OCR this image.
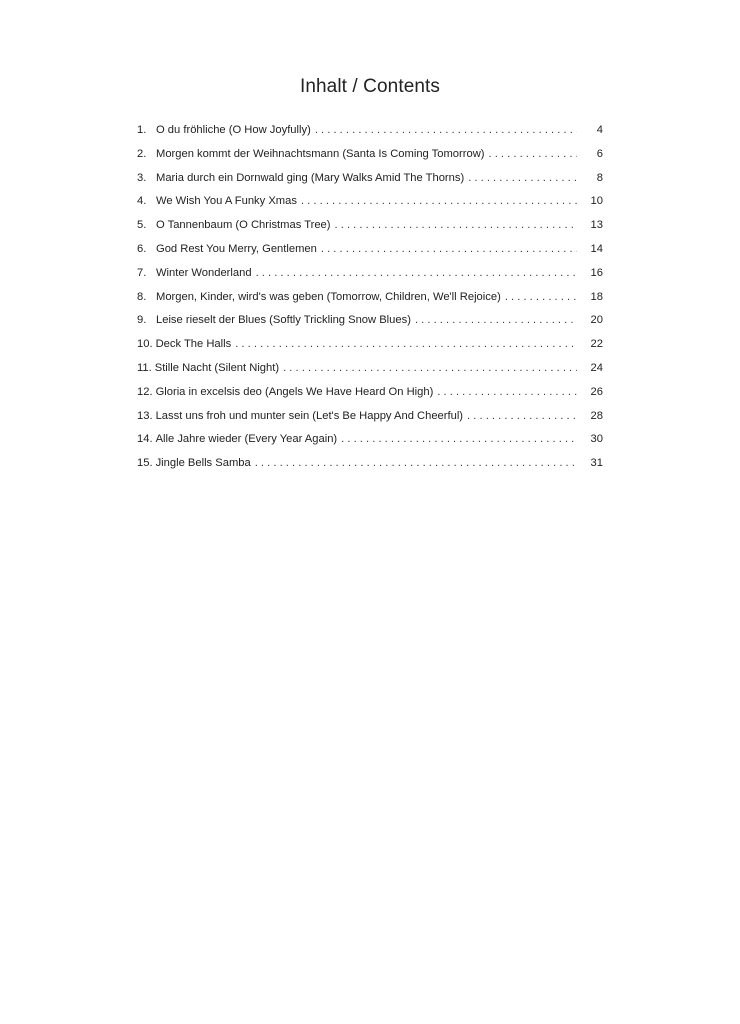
Inhalt / Contents
1. O du fröhliche (O How Joyfully) . . .	4
2. Morgen kommt der Weihnachtsmann (Santa Is Coming Tomorrow) . . .	6
3. Maria durch ein Dornwald ging (Mary Walks Amid The Thorns) . . .	8
4. We Wish You A Funky Xmas . . .	10
5. O Tannenbaum (O Christmas Tree) . . .	13
6. God Rest You Merry, Gentlemen . . .	14
7. Winter Wonderland . . .	16
8. Morgen, Kinder, wird's was geben (Tomorrow, Children, We'll Rejoice) . . .	18
9. Leise rieselt der Blues (Softly Trickling Snow Blues) . . .	20
10. Deck The Halls . . .	22
11. Stille Nacht (Silent Night) . . .	24
12. Gloria in excelsis deo (Angels We Have Heard On High) . . .	26
13. Lasst uns froh und munter sein (Let's Be Happy And Cheerful) . . .	28
14. Alle Jahre wieder (Every Year Again) . . .	30
15. Jingle Bells Samba . . .	31
